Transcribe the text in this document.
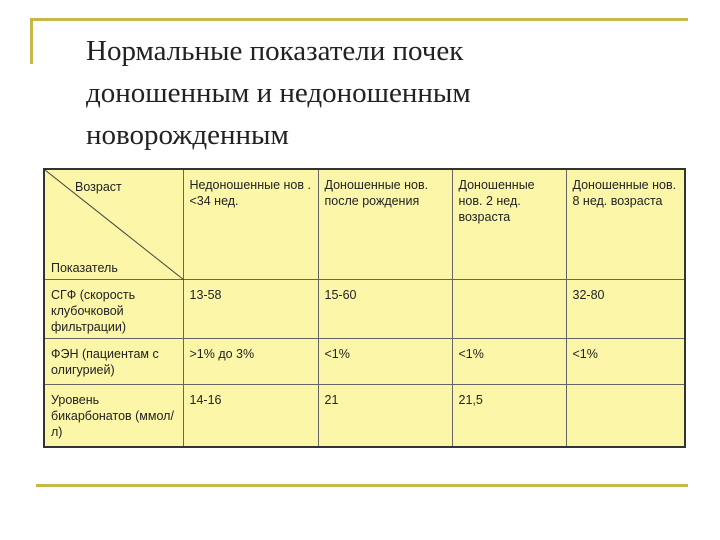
Нормальные показатели почек
доношенным и недоношенным
новорожденным
Возраст
Показатель	Недоношенные нов . <34 нед.	Доношенные нов. после рождения	Доношенные нов. 2 нед. возраста	Доношенные нов. 8 нед. возраста
СГФ (скорость клубочковой фильтрации)	13-58	15-60		32-80
ФЭН (пациентам с олигурией)	>1% до 3%	<1%	<1%	<1%
Уровень бикарбонатов (ммол/л)	14-16	21	21,5	
